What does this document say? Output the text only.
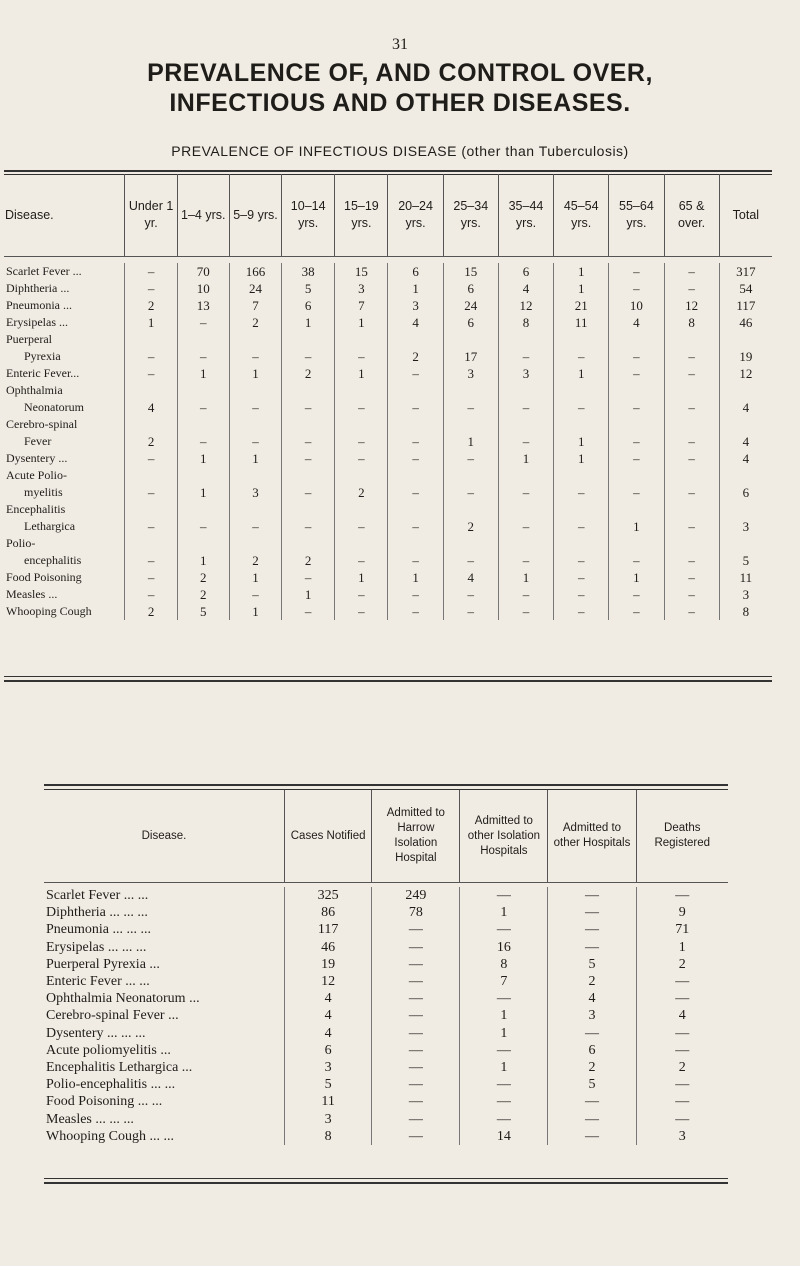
31
PREVALENCE OF, AND CONTROL OVER,
INFECTIOUS AND OTHER DISEASES.
PREVALENCE OF INFECTIOUS DISEASE (other than Tuberculosis)
Disease.	Under 1 yr.	1–4 yrs.	5–9 yrs.	10–14 yrs.	15–19 yrs.	20–24 yrs.	25–34 yrs.	35–44 yrs.	45–54 yrs.	55–64 yrs.	65 & over.	Total

Scarlet Fever ...	–	70	166	38	15	6	15	6	1	–	–	317
Diphtheria ...	–	10	24	5	3	1	6	4	1	–	–	54
Pneumonia ...	2	13	7	6	7	3	24	12	21	10	12	117
Erysipelas ...	1	–	2	1	1	4	6	8	11	4	8	46
Puerperal												
Pyrexia	–	–	–	–	–	2	17	–	–	–	–	19
Enteric Fever...	–	1	1	2	1	–	3	3	1	–	–	12
Ophthalmia												
Neonatorum	4	–	–	–	–	–	–	–	–	–	–	4
Cerebro-spinal												
Fever	2	–	–	–	–	–	1	–	1	–	–	4
Dysentery ...	–	1	1	–	–	–	–	1	1	–	–	4
Acute Polio-												
myelitis	–	1	3	–	2	–	–	–	–	–	–	6
Encephalitis												
Lethargica	–	–	–	–	–	–	2	–	–	1	–	3
Polio-												
encephalitis	–	1	2	2	–	–	–	–	–	–	–	5
Food Poisoning	–	2	1	–	1	1	4	1	–	1	–	11
Measles ...	–	2	–	1	–	–	–	–	–	–	–	3
Whooping Cough	2	5	1	–	–	–	–	–	–	–	–	8

Disease.	Cases Notified	Admitted to Harrow Isolation Hospital	Admitted to other Isolation Hospitals	Admitted to other Hospitals	Deaths Registered

Scarlet Fever ... ...	325	249	—	—	—
Diphtheria ... ... ...	86	78	1	—	9
Pneumonia ... ... ...	117	—	—	—	71
Erysipelas ... ... ...	46	—	16	—	1
Puerperal Pyrexia ...	19	—	8	5	2
Enteric Fever ... ...	12	—	7	2	—
Ophthalmia Neonatorum ...	4	—	—	4	—
Cerebro-spinal Fever ...	4	—	1	3	4
Dysentery ... ... ...	4	—	1	—	—
Acute poliomyelitis ...	6	—	—	6	—
Encephalitis Lethargica ...	3	—	1	2	2
Polio-encephalitis ... ...	5	—	—	5	—
Food Poisoning ... ...	11	—	—	—	—
Measles ... ... ...	3	—	—	—	—
Whooping Cough ... ...	8	—	14	—	3
